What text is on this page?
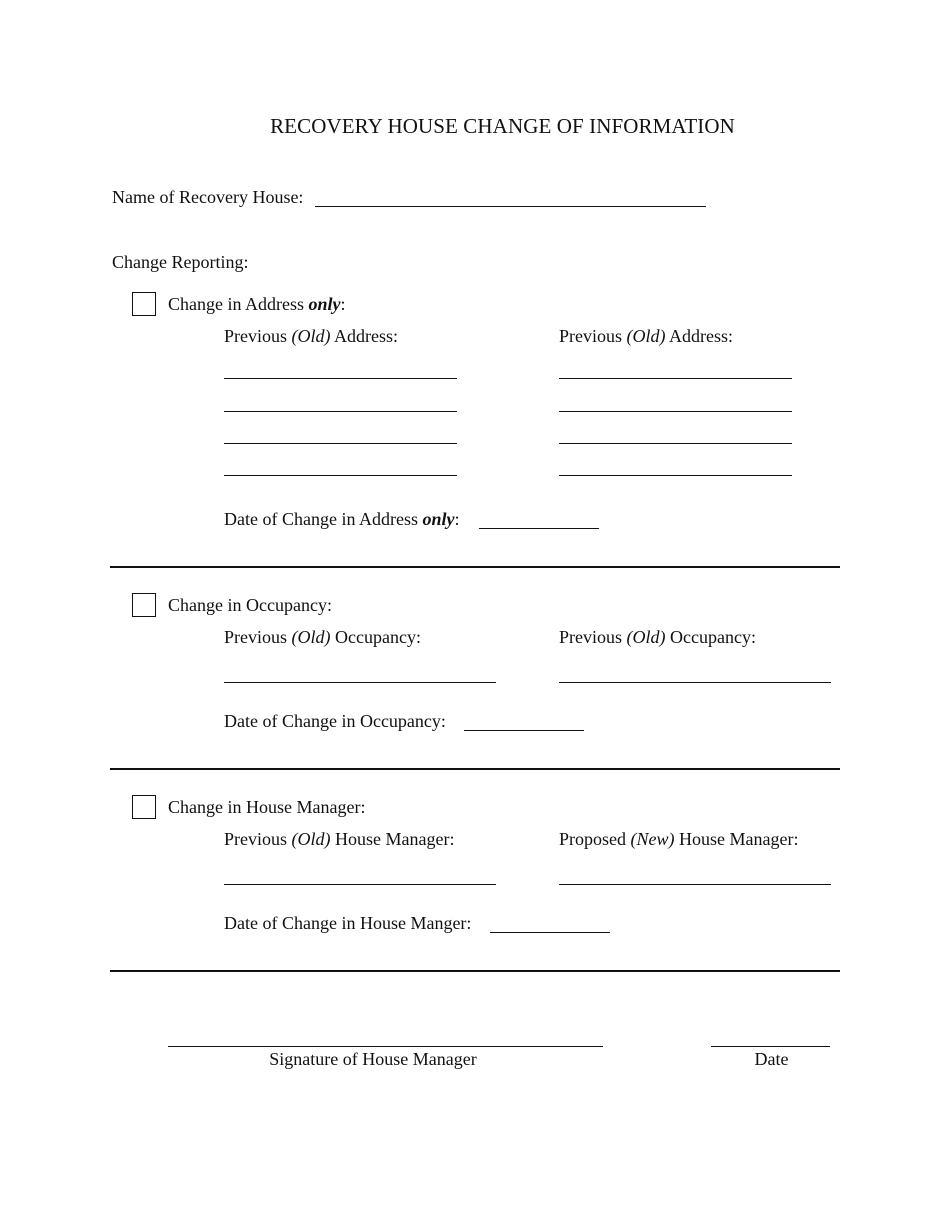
RECOVERY HOUSE CHANGE OF INFORMATION
Name of Recovery House:
Change Reporting:
Change in Address only:
Previous (Old) Address:	Previous (Old) Address:
Date of Change in Address only:
Change in Occupancy:
Previous (Old) Occupancy:	Previous (Old) Occupancy:
Date of Change in Occupancy:
Change in House Manager:
Previous (Old) House Manager:	Proposed (New) House Manager:
Date of Change in House Manger:
Signature of House Manager	Date
